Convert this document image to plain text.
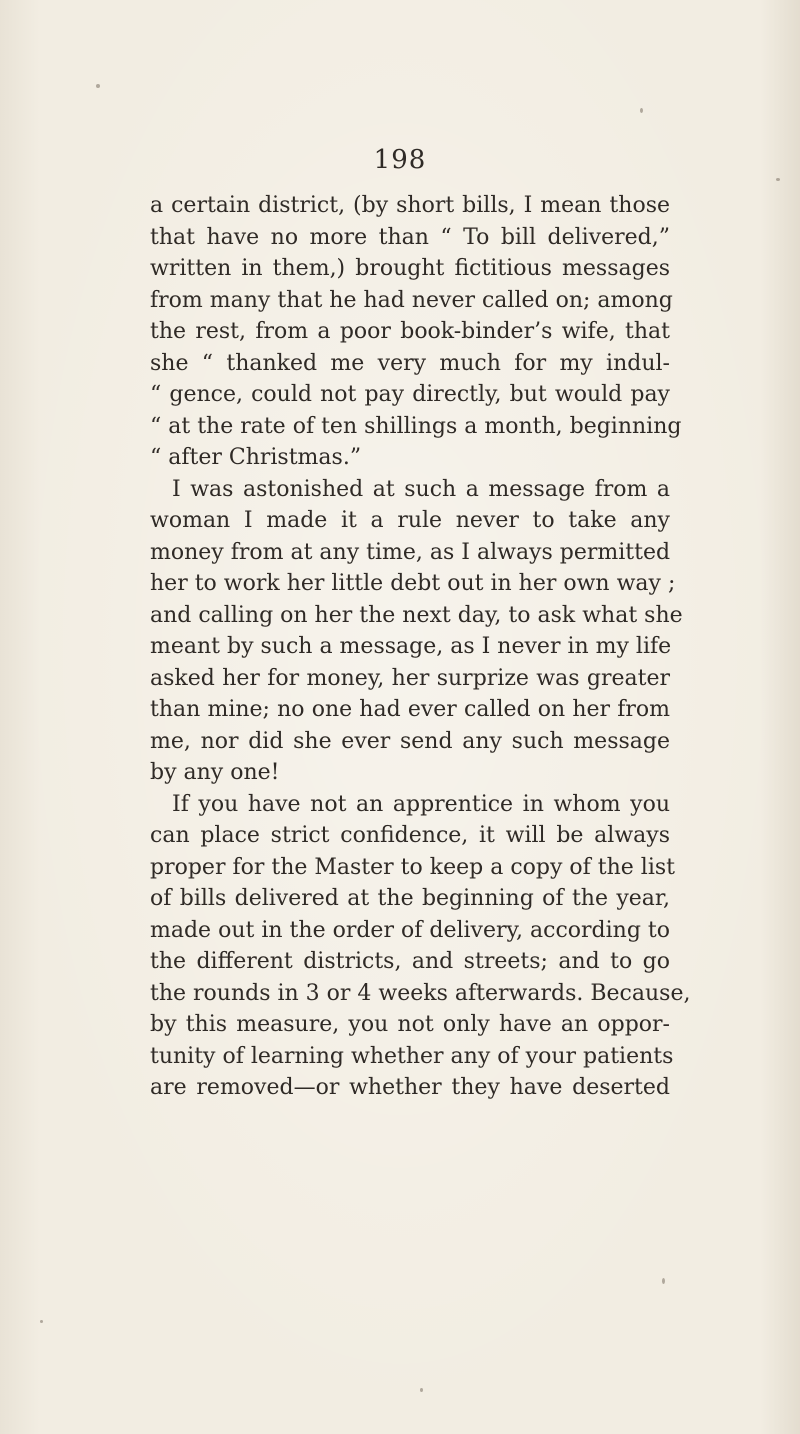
198
a certain district, (by short bills, I mean those
that have no more than “ To bill delivered,”
written in them,) brought fictitious messages
from many that he had never called on; among
the rest, from a poor book-binder’s wife, that
she “ thanked me very much for my indul-
“ gence, could not pay directly, but would pay
“ at the rate of ten shillings a month, beginning
“ after Christmas.”
I was astonished at such a message from a
woman I made it a rule never to take any
money from at any time, as I always permitted
her to work her little debt out in her own way ;
and calling on her the next day, to ask what she
meant by such a message, as I never in my life
asked her for money, her surprize was greater
than mine; no one had ever called on her from
me, nor did she ever send any such message
by any one!
If you have not an apprentice in whom you
can place strict confidence, it will be always
proper for the Master to keep a copy of the list
of bills delivered at the beginning of the year,
made out in the order of delivery, according to
the different districts, and streets; and to go
the rounds in 3 or 4 weeks afterwards. Because,
by this measure, you not only have an oppor-
tunity of learning whether any of your patients
are removed—or whether they have deserted
